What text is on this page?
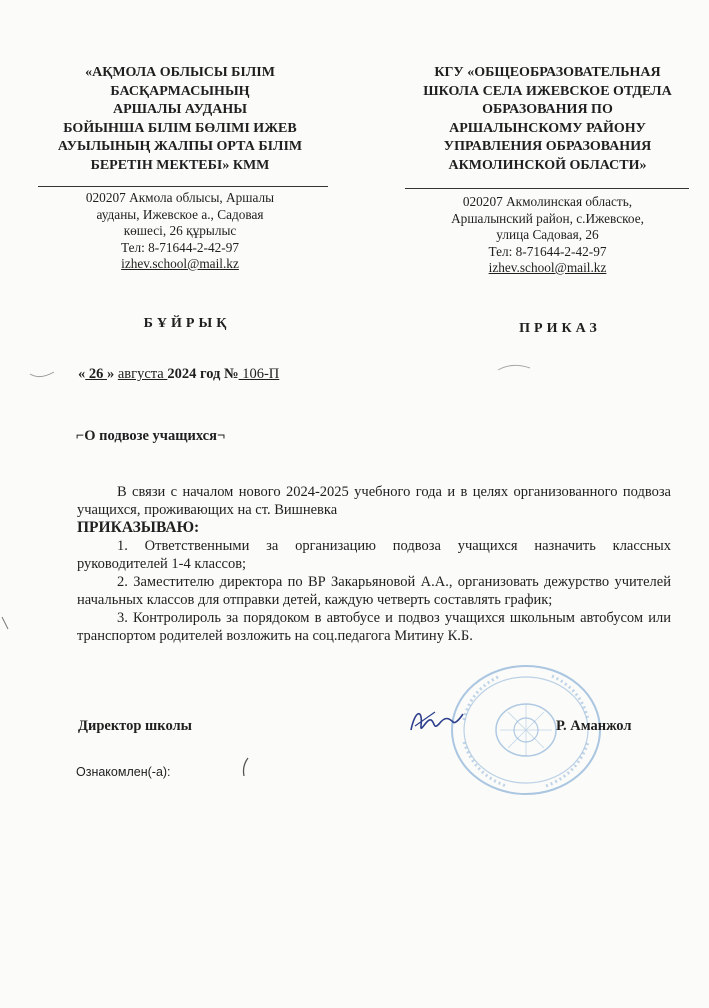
«АҚМОЛА ОБЛЫСЫ БІЛІМ
БАСҚАРМАСЫНЫҢ
АРШАЛЫ АУДАНЫ
БОЙЫНША БІЛІМ БӨЛІМІ ИЖЕВ
АУЫЛЫНЫҢ ЖАЛПЫ ОРТА БІЛІМ
БЕРЕТІН МЕКТЕБІ» КММ
КГУ «ОБЩЕОБРАЗОВАТЕЛЬНАЯ
ШКОЛА СЕЛА ИЖЕВСКОЕ ОТДЕЛА
ОБРАЗОВАНИЯ ПО
АРШАЛЫНСКОМУ РАЙОНУ
УПРАВЛЕНИЯ ОБРАЗОВАНИЯ
АКМОЛИНСКОЙ ОБЛАСТИ»
020207 Акмола облысы, Аршалы
ауданы, Ижевское а., Садовая
көшесі, 26 құрылыс
Тел: 8-71644-2-42-97
izhev.school@mail.kz
020207 Акмолинская область,
Аршалынский район, с.Ижевское,
улица Садовая, 26
Тел: 8-71644-2-42-97
izhev.school@mail.kz
БҰЙРЫҚ	ПРИКАЗ
« 26 » августа 2024 год № 106-П
⌐О подвозе учащихся¬

В связи с началом нового 2024-2025 учебного года и в целях организованного подвоза учащихся, проживающих на ст. Вишневка

ПРИКАЗЫВАЮ:

1. Ответственными за организацию подвоза учащихся назначить классных руководителей 1-4 классов;

2. Заместителю директора по ВР Закарьяновой А.А., организовать дежурство учителей начальных классов для отправки детей, каждую четверть составлять график;

3. Контролироль за порядоком в автобусе и подвоз учащихся школьным автобусом или транспортом родителей возложить на соц.педагога Митину К.Б.

Директор школы	Р. Аманжол
Ознакомлен(-а):
